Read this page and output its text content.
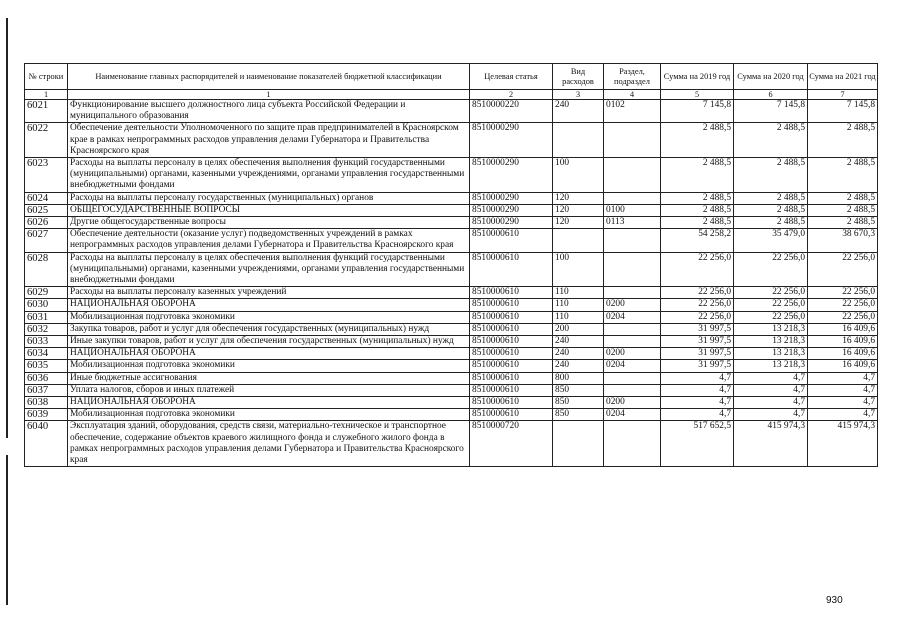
№ строки	Наименование главных распорядителей и наименование показателей бюджетной классификации	Целевая статья	Вид расходов	Раздел, подраздел	Сумма на 2019 год	Сумма на 2020 год	Сумма на 2021 год
1	1	2	3	4	5	6	7
6021	Функционирование высшего должностного лица субъекта Российской Федерации и муниципального образования	8510000220	240	0102	7 145,8	7 145,8	7 145,8
6022	Обеспечение деятельности Уполномоченного по защите прав предпринимателей в Красноярском крае в рамках непрограммных расходов управления делами Губернатора и Правительства Красноярского края	8510000290			2 488,5	2 488,5	2 488,5
6023	Расходы на выплаты персоналу в целях обеспечения выполнения функций государственными (муниципальными) органами, казенными учреждениями, органами управления государственными внебюджетными фондами	8510000290	100		2 488,5	2 488,5	2 488,5
6024	Расходы на выплаты персоналу государственных (муниципальных) органов	8510000290	120		2 488,5	2 488,5	2 488,5
6025	ОБЩЕГОСУДАРСТВЕННЫЕ ВОПРОСЫ	8510000290	120	0100	2 488,5	2 488,5	2 488,5
6026	Другие общегосударственные вопросы	8510000290	120	0113	2 488,5	2 488,5	2 488,5
6027	Обеспечение деятельности (оказание услуг) подведомственных учреждений в рамках непрограммных расходов управления делами Губернатора и Правительства Красноярского края	8510000610			54 258,2	35 479,0	38 670,3
6028	Расходы на выплаты персоналу в целях обеспечения выполнения функций государственными (муниципальными) органами, казенными учреждениями, органами управления государственными внебюджетными фондами	8510000610	100		22 256,0	22 256,0	22 256,0
6029	Расходы на выплаты персоналу казенных учреждений	8510000610	110		22 256,0	22 256,0	22 256,0
6030	НАЦИОНАЛЬНАЯ ОБОРОНА	8510000610	110	0200	22 256,0	22 256,0	22 256,0
6031	Мобилизационная подготовка экономики	8510000610	110	0204	22 256,0	22 256,0	22 256,0
6032	Закупка товаров, работ и услуг для обеспечения государственных (муниципальных) нужд	8510000610	200		31 997,5	13 218,3	16 409,6
6033	Иные закупки товаров, работ и услуг для обеспечения государственных (муниципальных) нужд	8510000610	240		31 997,5	13 218,3	16 409,6
6034	НАЦИОНАЛЬНАЯ ОБОРОНА	8510000610	240	0200	31 997,5	13 218,3	16 409,6
6035	Мобилизационная подготовка экономики	8510000610	240	0204	31 997,5	13 218,3	16 409,6
6036	Иные бюджетные ассигнования	8510000610	800		4,7	4,7	4,7
6037	Уплата налогов, сборов и иных платежей	8510000610	850		4,7	4,7	4,7
6038	НАЦИОНАЛЬНАЯ ОБОРОНА	8510000610	850	0200	4,7	4,7	4,7
6039	Мобилизационная подготовка экономики	8510000610	850	0204	4,7	4,7	4,7
6040	Эксплуатация зданий, оборудования, средств связи, материально-техническое и транспортное обеспечение, содержание объектов краевого жилищного фонда и служебного жилого фонда в рамках непрограммных расходов управления делами Губернатора и Правительства Красноярского края	8510000720			517 652,5	415 974,3	415 974,3
930
